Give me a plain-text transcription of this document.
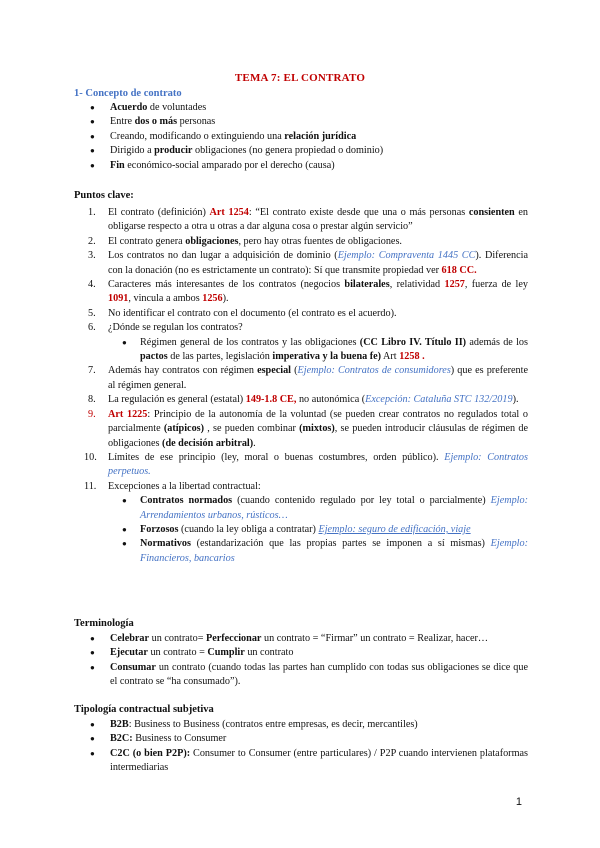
TEMA 7: EL CONTRATO
1- Concepto de contrato
● Acuerdo de voluntades
● Entre dos o más personas
● Creando, modificando o extinguiendo una relación jurídica
● Dirigido a producir obligaciones (no genera propiedad o dominio)
● Fin económico-social amparado por el derecho (causa)
Puntos clave:
1. El contrato (definición) Art 1254: “El contrato existe desde que una o más personas consienten en obligarse respecto a otra u otras a dar alguna cosa o prestar algún servicio”
2. El contrato genera obligaciones, pero hay otras fuentes de obligaciones.
3. Los contratos no dan lugar a adquisición de dominio (Ejemplo: Compraventa 1445 CC). Diferencia con la donación (no es estrictamente un contrato): Sí que transmite propiedad ver 618 CC.
4. Caracteres más interesantes de los contratos (negocios bilaterales, relatividad 1257, fuerza de ley 1091, vincula a ambos 1256).
5. No identificar el contrato con el documento (el contrato es el acuerdo).
6. ¿Dónde se regulan los contratos?
● Régimen general de los contratos y las obligaciones (CC Libro IV. Título II) además de los pactos de las partes, legislación imperativa y la buena fe) Art 1258 .
7. Además hay contratos con régimen especial (Ejemplo: Contratos de consumidores) que es preferente al régimen general.
8. La regulación es general (estatal) 149-1.8 CE, no autonómica (Excepción: Cataluña STC 132/2019).
9. Art 1225: Principio de la autonomía de la voluntad (se pueden crear contratos no regulados total o parcialmente (atípicos) , se pueden combinar (mixtos), se pueden introducir cláusulas de régimen de obligaciones (de decisión arbitral).
10. Límites de ese principio (ley, moral o buenas costumbres, orden público). Ejemplo: Contratos perpetuos.
11. Excepciones a la libertad contractual:
● Contratos normados (cuando contenido regulado por ley total o parcialmente) Ejemplo: Arrendamientos urbanos, rústicos…
● Forzosos (cuando la ley obliga a contratar) Ejemplo: seguro de edificación, viaje
● Normativos (estandarización que las propias partes se imponen a sí mismas) Ejemplo: Financieros, bancarios
Terminología
● Celebrar un contrato= Perfeccionar un contrato = “Firmar” un contrato = Realizar, hacer…
● Ejecutar un contrato = Cumplir un contrato
● Consumar un contrato (cuando todas las partes han cumplido con todas sus obligaciones se dice que el contrato se “ha consumado”).
Tipología contractual subjetiva
● B2B: Business to Business (contratos entre empresas, es decir, mercantiles)
● B2C: Business to Consumer
● C2C (o bien P2P): Consumer to Consumer (entre particulares) / P2P cuando intervienen plataformas intermediarias
1
